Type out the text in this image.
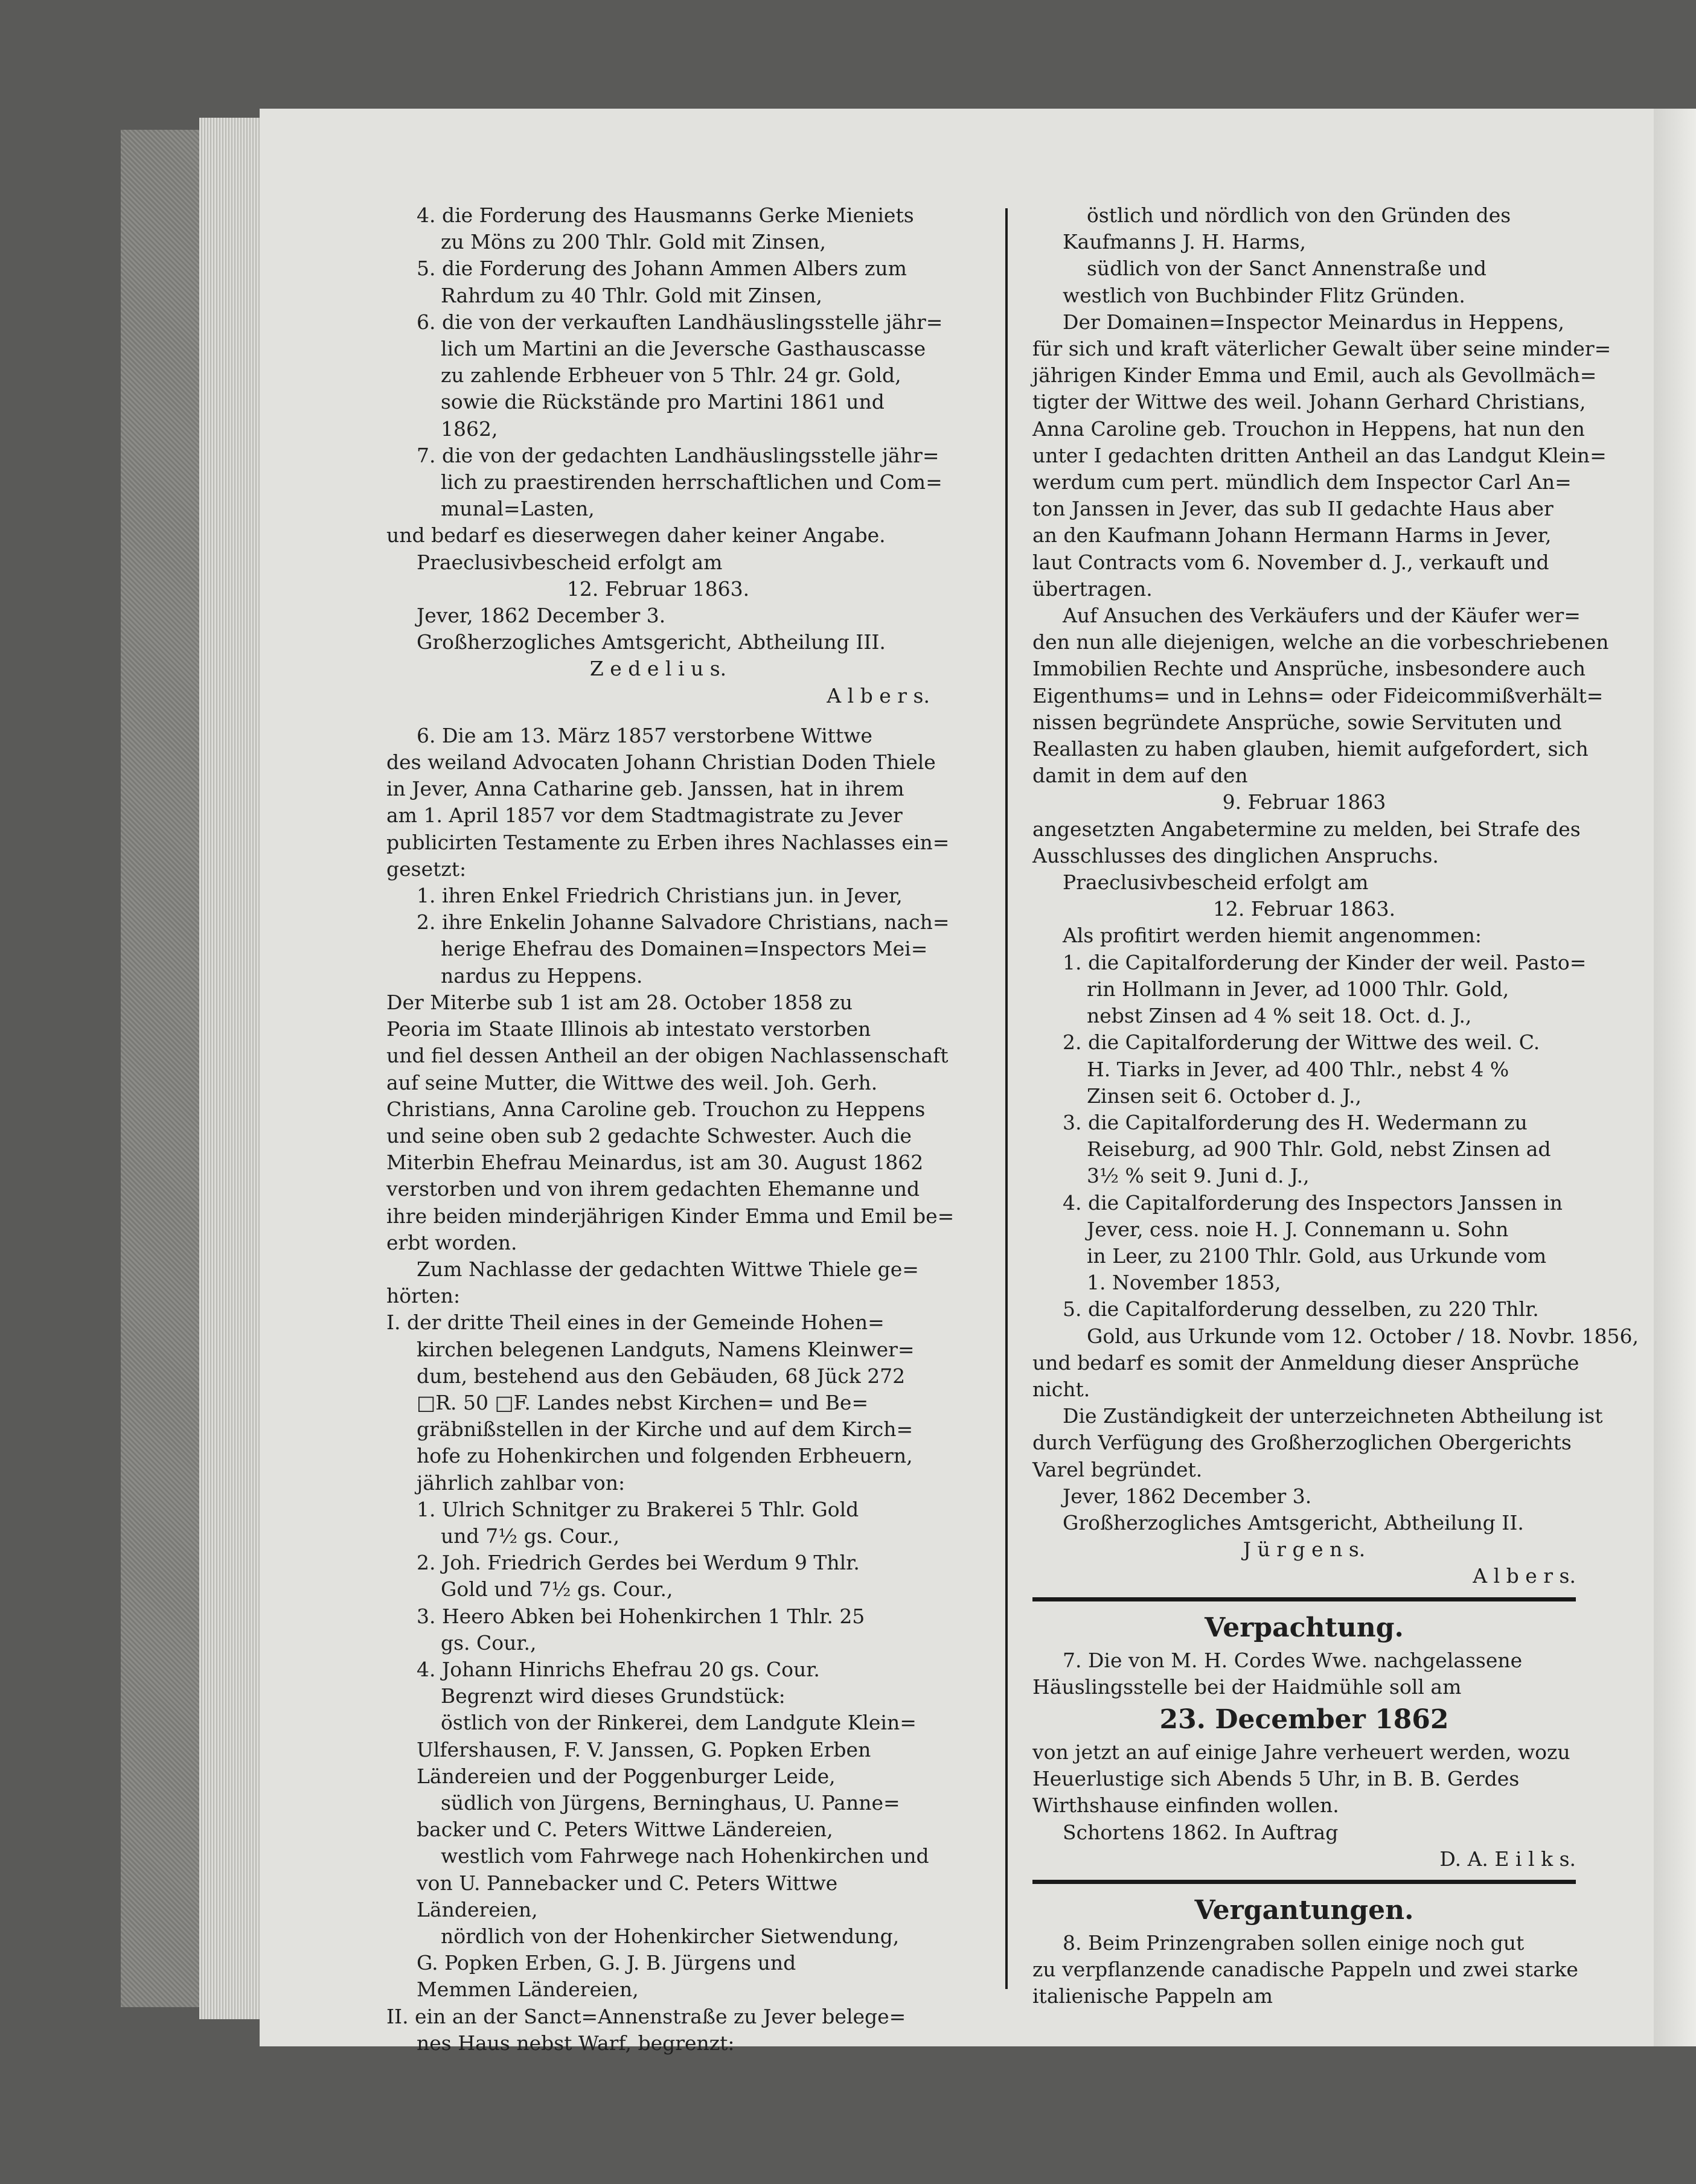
4. die Forderung des Hausmanns Gerke Mieniets

zu Möns zu 200 Thlr. Gold mit Zinsen,

5. die Forderung des Johann Ammen Albers zum

Rahrdum zu 40 Thlr. Gold mit Zinsen,

6. die von der verkauften Landhäuslingsstelle jähr=

lich um Martini an die Jeversche Gasthauscasse

zu zahlende Erbheuer von 5 Thlr. 24 gr. Gold,

sowie die Rückstände pro Martini 1861 und

1862,

7. die von der gedachten Landhäuslingsstelle jähr=

lich zu praestirenden herrschaftlichen und Com=

munal=Lasten,

und bedarf es dieserwegen daher keiner Angabe.

Praeclusivbescheid erfolgt am

12. Februar 1863.

Jever, 1862 December 3.

Großherzogliches Amtsgericht, Abtheilung III.

Z e d e l i u s.

A l b e r s.

6. Die am 13. März 1857 verstorbene Wittwe

des weiland Advocaten Johann Christian Doden Thiele

in Jever, Anna Catharine geb. Janssen, hat in ihrem

am 1. April 1857 vor dem Stadtmagistrate zu Jever

publicirten Testamente zu Erben ihres Nachlasses ein=

gesetzt:

1. ihren Enkel Friedrich Christians jun. in Jever,

2. ihre Enkelin Johanne Salvadore Christians, nach=

herige Ehefrau des Domainen=Inspectors Mei=

nardus zu Heppens.

Der Miterbe sub 1 ist am 28. October 1858 zu

Peoria im Staate Illinois ab intestato verstorben

und fiel dessen Antheil an der obigen Nachlassenschaft

auf seine Mutter, die Wittwe des weil. Joh. Gerh.

Christians, Anna Caroline geb. Trouchon zu Heppens

und seine oben sub 2 gedachte Schwester. Auch die

Miterbin Ehefrau Meinardus, ist am 30. August 1862

verstorben und von ihrem gedachten Ehemanne und

ihre beiden minderjährigen Kinder Emma und Emil be=

erbt worden.

Zum Nachlasse der gedachten Wittwe Thiele ge=

hörten:

I. der dritte Theil eines in der Gemeinde Hohen=

kirchen belegenen Landguts, Namens Kleinwer=

dum, bestehend aus den Gebäuden, 68 Jück 272

□R. 50 □F. Landes nebst Kirchen= und Be=

gräbnißstellen in der Kirche und auf dem Kirch=

hofe zu Hohenkirchen und folgenden Erbheuern,

jährlich zahlbar von:

1. Ulrich Schnitger zu Brakerei 5 Thlr. Gold

und 7½ gs. Cour.,

2. Joh. Friedrich Gerdes bei Werdum 9 Thlr.

Gold und 7½ gs. Cour.,

3. Heero Abken bei Hohenkirchen 1 Thlr. 25

gs. Cour.,

4. Johann Hinrichs Ehefrau 20 gs. Cour.

Begrenzt wird dieses Grundstück:

östlich von der Rinkerei, dem Landgute Klein=

Ulfershausen, F. V. Janssen, G. Popken Erben

Ländereien und der Poggenburger Leide,

südlich von Jürgens, Berninghaus, U. Panne=

backer und C. Peters Wittwe Ländereien,

westlich vom Fahrwege nach Hohenkirchen und

von U. Pannebacker und C. Peters Wittwe

Ländereien,

nördlich von der Hohenkircher Sietwendung,

G. Popken Erben, G. J. B. Jürgens und

Memmen Ländereien,

II. ein an der Sanct=Annenstraße zu Jever belege=

nes Haus nebst Warf, begrenzt:

östlich und nördlich von den Gründen des

Kaufmanns J. H. Harms,

südlich von der Sanct Annenstraße und

westlich von Buchbinder Flitz Gründen.

Der Domainen=Inspector Meinardus in Heppens,

für sich und kraft väterlicher Gewalt über seine minder=

jährigen Kinder Emma und Emil, auch als Gevollmäch=

tigter der Wittwe des weil. Johann Gerhard Christians,

Anna Caroline geb. Trouchon in Heppens, hat nun den

unter I gedachten dritten Antheil an das Landgut Klein=

werdum cum pert. mündlich dem Inspector Carl An=

ton Janssen in Jever, das sub II gedachte Haus aber

an den Kaufmann Johann Hermann Harms in Jever,

laut Contracts vom 6. November d. J., verkauft und

übertragen.

Auf Ansuchen des Verkäufers und der Käufer wer=

den nun alle diejenigen, welche an die vorbeschriebenen

Immobilien Rechte und Ansprüche, insbesondere auch

Eigenthums= und in Lehns= oder Fideicommißverhält=

nissen begründete Ansprüche, sowie Servituten und

Reallasten zu haben glauben, hiemit aufgefordert, sich

damit in dem auf den

9. Februar 1863

angesetzten Angabetermine zu melden, bei Strafe des

Ausschlusses des dinglichen Anspruchs.

Praeclusivbescheid erfolgt am

12. Februar 1863.

Als profitirt werden hiemit angenommen:

1. die Capitalforderung der Kinder der weil. Pasto=

rin Hollmann in Jever, ad 1000 Thlr. Gold,

nebst Zinsen ad 4 % seit 18. Oct. d. J.,

2. die Capitalforderung der Wittwe des weil. C.

H. Tiarks in Jever, ad 400 Thlr., nebst 4 %

Zinsen seit 6. October d. J.,

3. die Capitalforderung des H. Wedermann zu

Reiseburg, ad 900 Thlr. Gold, nebst Zinsen ad

3½ % seit 9. Juni d. J.,

4. die Capitalforderung des Inspectors Janssen in

Jever, cess. noie H. J. Connemann u. Sohn

in Leer, zu 2100 Thlr. Gold, aus Urkunde vom

1. November 1853,

5. die Capitalforderung desselben, zu 220 Thlr.

Gold, aus Urkunde vom 12. October / 18. Novbr. 1856,

und bedarf es somit der Anmeldung dieser Ansprüche

nicht.

Die Zuständigkeit der unterzeichneten Abtheilung ist

durch Verfügung des Großherzoglichen Obergerichts

Varel begründet.

Jever, 1862 December 3.

Großherzogliches Amtsgericht, Abtheilung II.

J ü r g e n s.

A l b e r s.

Verpachtung.

7. Die von M. H. Cordes Wwe. nachgelassene

Häuslingsstelle bei der Haidmühle soll am

23. December 1862

von jetzt an auf einige Jahre verheuert werden, wozu

Heuerlustige sich Abends 5 Uhr, in B. B. Gerdes

Wirthshause einfinden wollen.

Schortens 1862. In Auftrag

D. A. E i l k s.

Vergantungen.

8. Beim Prinzengraben sollen einige noch gut

zu verpflanzende canadische Pappeln und zwei starke

italienische Pappeln am
